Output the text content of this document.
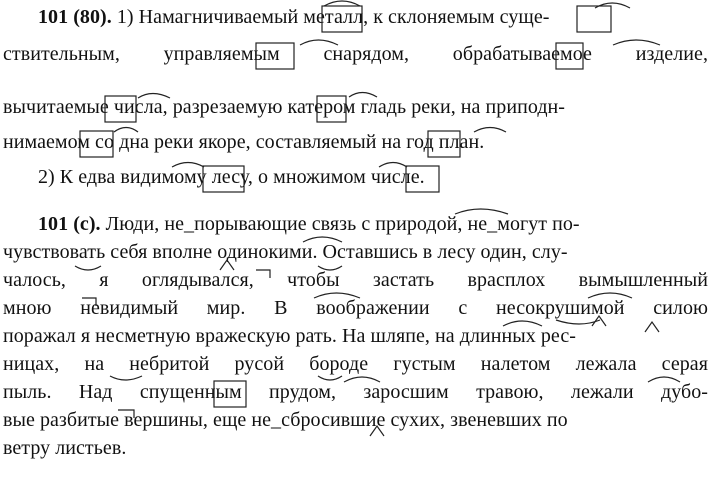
101 (80). 1) Намагничиваемый металл, к склоняемым суще-
ствительным, управляемым снарядом, обрабатываемое изделие,
вычитаемые числа, разрезаемую катером гладь реки, на приподн-
нимаемом со дна реки якоре, составляемый на год план.
2) К едва видимому лесу, о множимом числе.
101 (с). Люди, не_порывающие связь с природой, не_могут по-
чувствовать себя вполне одинокими. Оставшись в лесу один, слу-
чалось, я оглядывался, чтобы застать врасплох вымышленный
мною невидимый мир. В воображении с несокрушимой силою
поражал я несметную вражескую рать. На шляпе, на длинных рес-
ницах, на небритой русой бороде густым налетом лежала серая
пыль. Над спущенным прудом, заросшим травою, лежали дубо-
вые разбитые вершины, еще не_сбросившие сухих, звеневших по
ветру листьев.
